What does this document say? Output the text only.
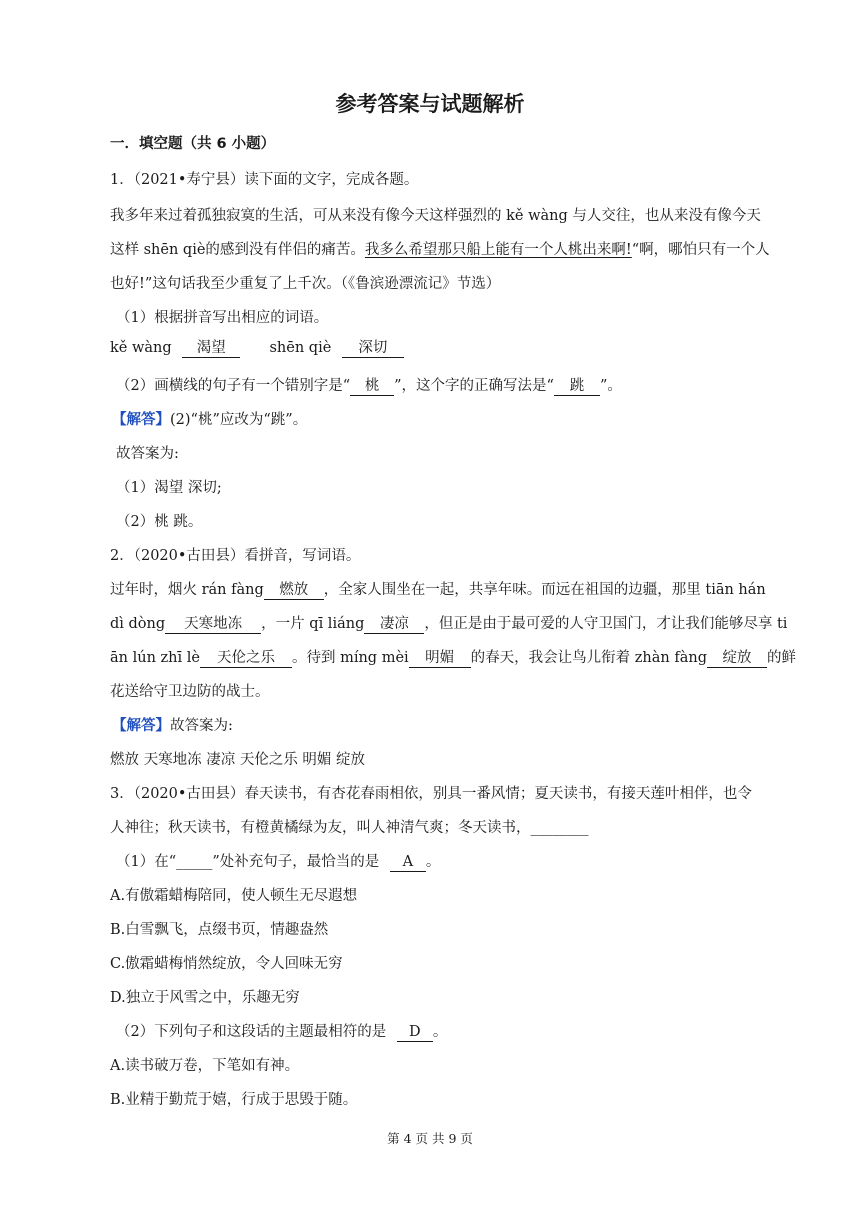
参考答案与试题解析
一．填空题（共 6 小题）
1．（2021•寿宁县）读下面的文字，完成各题。
我多年来过着孤独寂寞的生活，可从来没有像今天这样强烈的 kě wàng 与人交往，也从来没有像今天
这样 shēn qiè的感到没有伴侣的痛苦。我多么希望那只船上能有一个人桃出来啊!“啊，哪怕只有一个人
也好!”这句话我至少重复了上千次。（《鲁滨逊漂流记》节选）
（1）根据拼音写出相应的词语。
kě wàng 渴望	shēn qiè 深切
（2）画横线的句子有一个错别字是“ 桃 ”，这个字的正确写法是“ 跳 ”。
【解答】(2)“桃”应改为“跳”。
故答案为:
（1）渴望 深切;
（2）桃 跳。
2．（2020•古田县）看拼音，写词语。
过年时，烟火 rán fàng 燃放 ，全家人围坐在一起，共享年味。而远在祖国的边疆，那里 tiān hán
dì dòng 天寒地冻 ，一片 qī liáng 凄凉 ，但正是由于最可爱的人守卫国门，才让我们能够尽享 ti
ān lún zhī lè 天伦之乐 。待到 míng mèi 明媚 的春天，我会让鸟儿衔着 zhàn fàng 绽放 的鲜
花送给守卫边防的战士。
【解答】故答案为:
燃放 天寒地冻 凄凉 天伦之乐 明媚 绽放
3．（2020•古田县）春天读书，有杏花春雨相依，别具一番风情；夏天读书，有接天莲叶相伴，也令
人神往；秋天读书，有橙黄橘绿为友，叫人神清气爽；冬天读书，________
（1）在“_____”处补充句子，最恰当的是 A 。
A.有傲霜蜡梅陪同，使人顿生无尽遐想
B.白雪飘飞，点缀书页，情趣盎然
C.傲霜蜡梅悄然绽放，令人回味无穷
D.独立于风雪之中，乐趣无穷
（2）下列句子和这段话的主题最相符的是 D 。
A.读书破万卷，下笔如有神。
B.业精于勤荒于嬉，行成于思毁于随。
第 4 页 共 9 页
